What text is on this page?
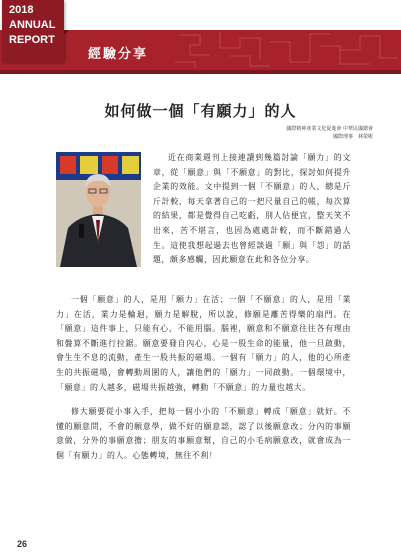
經驗分享
2018
ANNUAL
REPORT
如何做一個「有願力」的人
國際精神產業文化促進會 中華民國總會
國際理事　林榮彬
近在商業週刊上接連讀到幾篇討論「願力」的文章，從「願意」與「不願意」的對比，探討如何提升企業的效能。文中提到一個「不願意」的人，總是斤斤計較，每天拿著自己的一把尺量自己的帳，每次算的結果，都是覺得自己吃虧，別人佔便宜，整天笑不出來，苦不堪言，也因為處處計較，而不斷錯過人生。這使我想起過去也曾經談過「願」與「怨」的話題，頗多感觸，因此願意在此和各位分享。

一個「願意」的人，是用「願力」在活；一個「不願意」的人，是用「業力」在活，業力是輪迴，願力是解脫，所以說，修願是離苦得樂的扇門。在「願意」這件事上，只能有心，不能用腦。腦裡，願意和不願意往往各有理由和盤算不斷進行拉鋸。願意要發自內心，心是一股生命的能量，他一旦啟動，會生生不息的流動，產生一股共振的磁場。一個有「願力」的人，他的心所產生的共振磁場，會轉動周圍的人，讓他們的「願力」一同啟動。一個環境中，「願意」的人越多，磁場共振越強，轉動「不願意」的力量也越大。

修大願要從小事入手，把每一個小小的「不願意」轉成「願意」就好。不懂的願意問，不會的願意學，做不好的願意認，認了以後願意改；分內的事願意做，分外的事願意擔；朋友的事願意幫，自己的小毛病願意改，就會成為一個「有願力」的人。心態轉境，無往不利！

26
